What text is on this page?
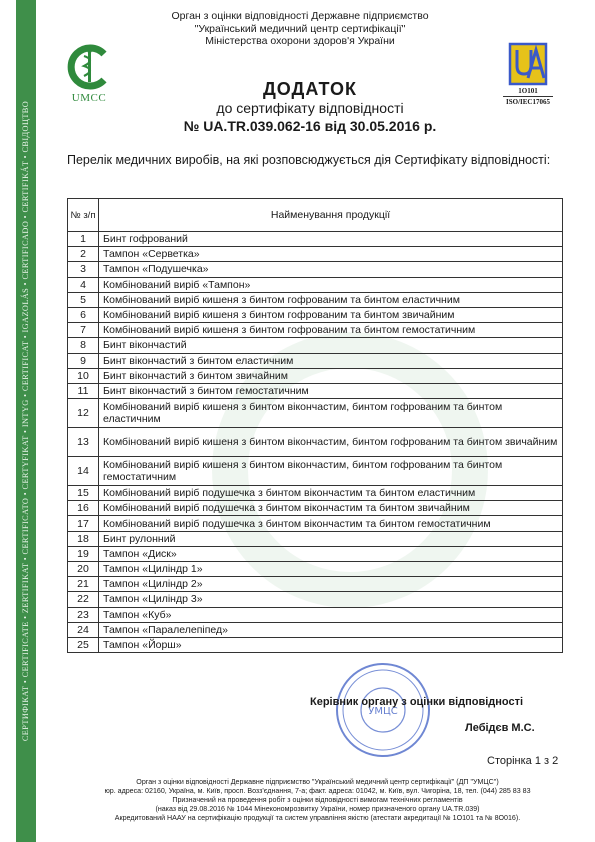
СЕРТИФІКАТ • CERTIFICATE • ZERTIFIKAT • CERTIFICATO • CERTYFIKAT • INTYG • CERTIFICAT • IGAZOLÁS • CERTIFICADO • CERTIFIKÁT • СВІДОЦТВО
UMCC
1О101
ISO/IEC17065
Орган з оцінки відповідності Державне підприємство
"Український медичний центр сертифікації"
Міністерства охорони здоров'я України
ДОДАТОК
до сертифікату відповідності
№ UA.TR.039.062-16 від 30.05.2016 р.
Перелік медичних виробів, на які розповсюджується дія Сертифікату відповідності:
№ з/п	Найменування продукції
1	Бинт гофрований
2	Тампон «Серветка»
3	Тампон «Подушечка»
4	Комбінований виріб «Тампон»
5	Комбінований виріб кишеня з бинтом гофрованим та бинтом еластичним
6	Комбінований виріб кишеня з бинтом гофрованим та бинтом звичайним
7	Комбінований виріб кишеня з бинтом гофрованим та бинтом гемостатичним
8	Бинт вікончастий
9	Бинт вікончастий з бинтом еластичним
10	Бинт вікончастий з бинтом звичайним
11	Бинт вікончастий з бинтом гемостатичним
12	Комбінований виріб кишеня з бинтом вікончастим, бинтом гофрованим та бинтом еластичним
13	Комбінований виріб кишеня з бинтом вікончастим, бинтом гофрованим та бинтом звичайним
14	Комбінований виріб кишеня з бинтом вікончастим, бинтом гофрованим та бинтом гемостатичним
15	Комбінований виріб подушечка з бинтом вікончастим та бинтом еластичним
16	Комбінований виріб подушечка з бинтом вікончастим та бинтом звичайним
17	Комбінований виріб подушечка з бинтом вікончастим та бинтом гемостатичним
18	Бинт рулонний
19	Тампон «Диск»
20	Тампон «Циліндр 1»
21	Тампон «Циліндр 2»
22	Тампон «Циліндр 3»
23	Тампон «Куб»
24	Тампон «Паралелепіпед»
25	Тампон «Йорш»
УМЦС
Керівник органу з оцінки відповідності
Лебідєв М.С.
Сторінка 1 з 2
Орган з оцінки відповідності Державне підприємство "Український медичний центр сертифікації" (ДП "УМЦС")
юр. адреса: 02160, Україна, м. Київ, просп. Возз'єднання, 7-а; факт. адреса: 01042, м. Київ, вул. Чигоріна, 18, тел. (044) 285 83 83
Призначений на проведення робіт з оцінки відповідності вимогам технічних регламентів
(наказ від 29.08.2016 № 1044 Мінекономрозвитку України, номер призначеного органу UA.TR.039)
Акредитований НААУ на сертифікацію продукції та систем управління якістю (атестати акредитації № 1О101 та № 8О016).
